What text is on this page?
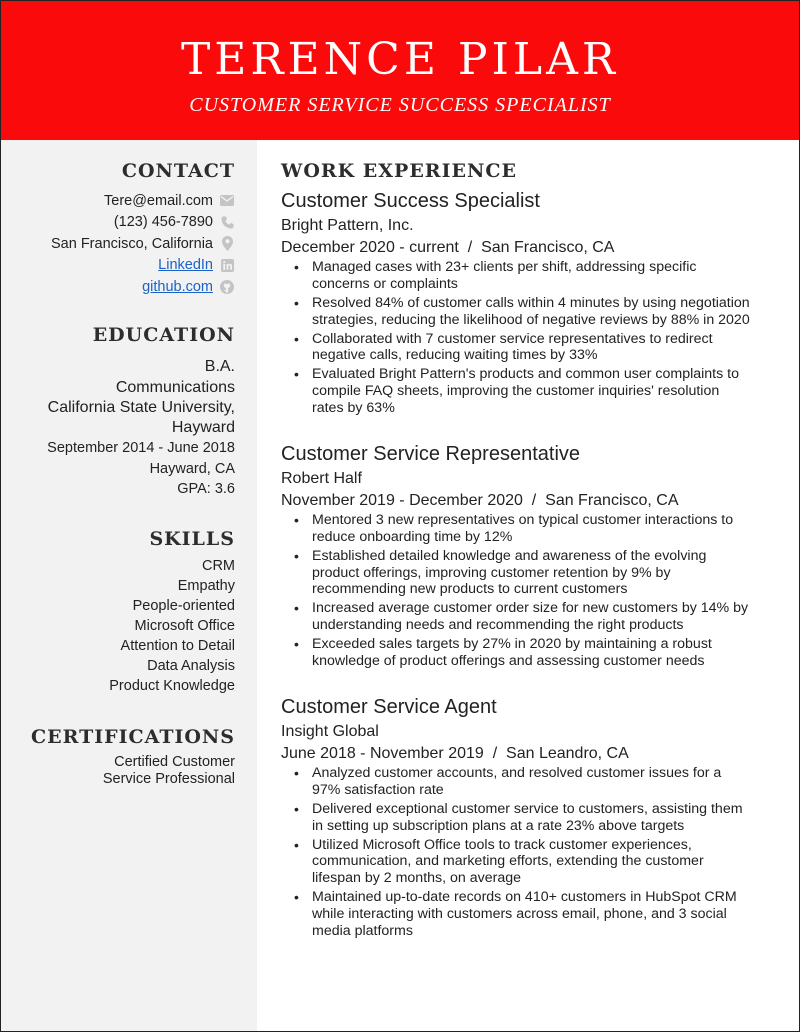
TERENCE PILAR
CUSTOMER SERVICE SUCCESS SPECIALIST
CONTACT
Tere@email.com
(123) 456-7890
San Francisco, California
LinkedIn
github.com
EDUCATION
B.A.
Communications
California State University, Hayward
September 2014 - June 2018
Hayward, CA
GPA: 3.6
SKILLS
CRM
Empathy
People-oriented
Microsoft Office
Attention to Detail
Data Analysis
Product Knowledge
CERTIFICATIONS
Certified Customer Service Professional
WORK EXPERIENCE
Customer Success Specialist
Bright Pattern, Inc.
December 2020 - current  /  San Francisco, CA
• Managed cases with 23+ clients per shift, addressing specific concerns or complaints
• Resolved 84% of customer calls within 4 minutes by using negotiation strategies, reducing the likelihood of negative reviews by 88% in 2020
• Collaborated with 7 customer service representatives to redirect negative calls, reducing waiting times by 33%
• Evaluated Bright Pattern's products and common user complaints to compile FAQ sheets, improving the customer inquiries' resolution rates by 63%
Customer Service Representative
Robert Half
November 2019 - December 2020  /  San Francisco, CA
• Mentored 3 new representatives on typical customer interactions to reduce onboarding time by 12%
• Established detailed knowledge and awareness of the evolving product offerings, improving customer retention by 9% by recommending new products to current customers
• Increased average customer order size for new customers by 14% by understanding needs and recommending the right products
• Exceeded sales targets by 27% in 2020 by maintaining a robust knowledge of product offerings and assessing customer needs
Customer Service Agent
Insight Global
June 2018 - November 2019  /  San Leandro, CA
• Analyzed customer accounts, and resolved customer issues for a 97% satisfaction rate
• Delivered exceptional customer service to customers, assisting them in setting up subscription plans at a rate 23% above targets
• Utilized Microsoft Office tools to track customer experiences, communication, and marketing efforts, extending the customer lifespan by 2 months, on average
• Maintained up-to-date records on 410+ customers in HubSpot CRM while interacting with customers across email, phone, and 3 social media platforms
